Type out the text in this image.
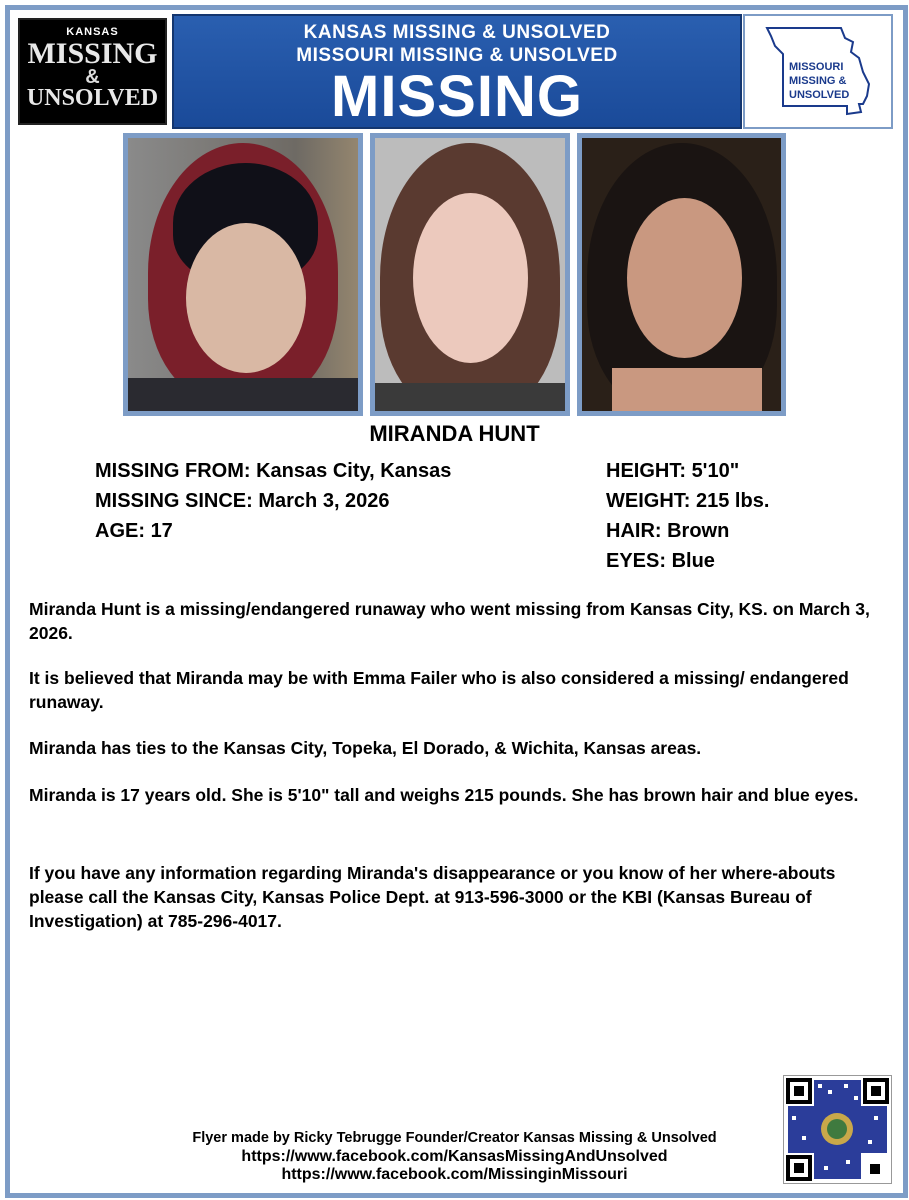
KANSAS
MISSING
&
UNSOLVED
KANSAS MISSING & UNSOLVED
MISSOURI MISSING & UNSOLVED
MISSING	MISSOURI
MISSING &
UNSOLVED
MIRANDA HUNT
MISSING FROM: Kansas City, Kansas
MISSING SINCE: March 3, 2026
AGE: 17
HEIGHT: 5'10"
WEIGHT: 215 lbs.
HAIR: Brown
EYES: Blue

Miranda Hunt is a missing/endangered runaway who went missing from Kansas City, KS. on March 3, 2026.

It is believed that Miranda may be with Emma Failer who is also considered a missing/ endangered runaway.

Miranda has ties to the Kansas City, Topeka, El Dorado, & Wichita, Kansas areas.

Miranda is 17 years old. She is 5'10" tall and weighs 215 pounds. She has brown hair and blue eyes.

If you have any information regarding Miranda's disappearance or you know of her where-abouts please call the Kansas City, Kansas Police Dept. at 913-596-3000 or the KBI (Kansas Bureau of Investigation) at 785-296-4017.

Flyer made by Ricky Tebrugge Founder/Creator Kansas Missing & Unsolved
https://www.facebook.com/KansasMissingAndUnsolved
https://www.facebook.com/MissinginMissouri
